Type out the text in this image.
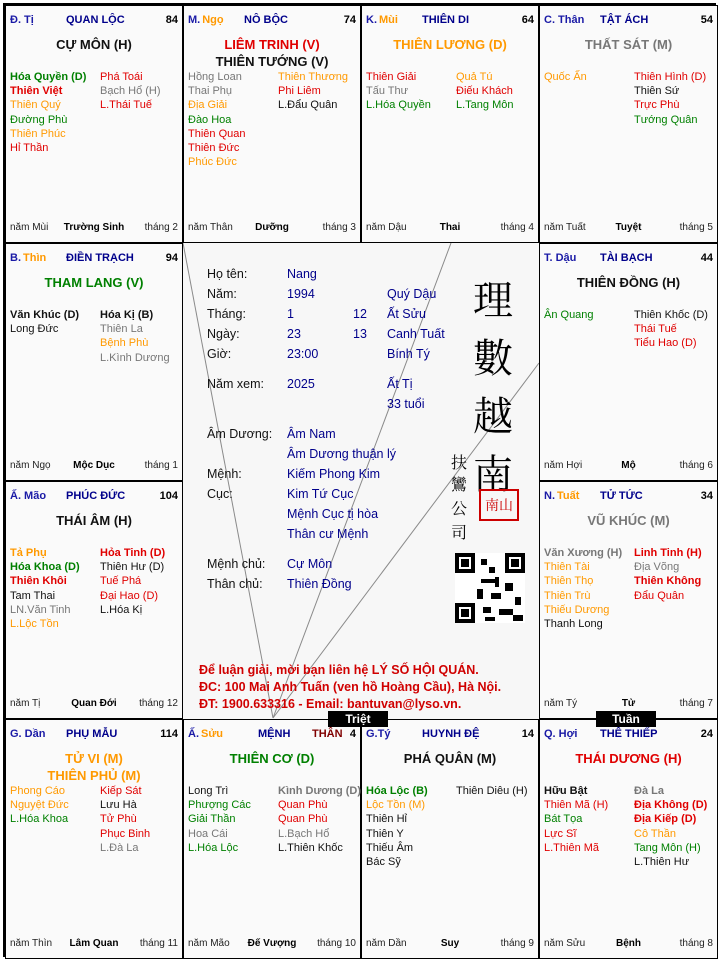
Họ tên:	Nang
Năm:	1994	Quý Dậu
Tháng:	1	12 Ất Sửu
Ngày:	23	13 Canh Tuất
Giờ:	23:00	Bính Tý
Năm xem: 2025	Ất Tị
33 tuổi
Âm Dương: Âm Nam
Âm Dương thuận lý
Mệnh:	Kiếm Phong Kim
Cục:	Kim Tứ Cục
Mệnh Cục tị hòa
Thân cư Mệnh
Mệnh chủ: Cự Môn
Thân chủ: Thiên Đồng
理
數
越
南
扶
鸞
公
司
南山
Để luận giải, mời bạn liên hệ LÝ SỐ HỘI QUÁN.
ĐC: 100 Mai Anh Tuấn (ven hồ Hoàng Cầu), Hà Nội.
ĐT: 1900.633316 - Email: bantuvan@lyso.vn.
Đ. Tị	QUAN LỘC	84
CỰ MÔN (H)
Hóa Quyền (D)
Thiên Việt
Thiên Quý
Đường Phù
Thiên Phúc
Hỉ Thần
Phá Toái
Bạch Hổ (H)
L.Thái Tuế
năm Mùi	Trường Sinh	tháng 2
M. Ngọ NÔ BỘC	74
LIÊM TRINH (V)
THIÊN TƯỚNG (V)
Hồng Loan
Thai Phụ
Địa Giải
Đào Hoa
Thiên Quan
Thiên Đức
Phúc Đức
Thiên Thương
Phi Liêm
L.Đẩu Quân
năm Thân	Dưỡng	tháng 3
K. Mùi THIÊN DI	64
THIÊN LƯƠNG (D)
Thiên Giải
Tấu Thư
L.Hóa Quyền
Quả Tú
Điếu Khách
L.Tang Môn
năm Dậu	Thai	tháng 4
C. Thân TẬT ÁCH	54
THẤT SÁT (M)
Quốc Ấn	Thiên Hình (D)
Thiên Sứ
Trực Phù
Tướng Quân
năm Tuất	Tuyệt	tháng 5
B. Thìn ĐIỀN TRẠCH	94
THAM LANG (V)
Văn Khúc (D)
Long Đức
Hóa Kị (B)
Thiên La
Bệnh Phù
L.Kình Dương
năm Ngọ	Mộc Dục	tháng 1
T. Dậu TÀI BẠCH	44
THIÊN ĐỒNG (H)
Ân Quang	Thiên Khốc (D)
Thái Tuế
Tiểu Hao (D)
năm Hợi	Mộ	tháng 6
Ấ. Mão PHÚC ĐỨC	104
THÁI ÂM (H)
Tả Phụ
Hóa Khoa (D)
Thiên Khôi
Tam Thai
LN.Văn Tinh
L.Lộc Tồn
Hỏa Tinh (D)
Thiên Hư (D)
Tuế Phá
Đại Hao (D)
L.Hóa Kị
năm Tị	Quan Đới	tháng 12
N. Tuất TỬ TỨC	34
VŨ KHÚC (M)
Văn Xương (H)
Thiên Tài
Thiên Thọ
Thiên Trù
Thiếu Dương
Thanh Long
Linh Tinh (H)
Địa Võng
Thiên Không
Đẩu Quân
năm Tý	Tử	tháng 7
G. Dần PHỤ MẪU	114
TỬ VI (M)
THIÊN PHỦ (M)
Phong Cáo
Nguyệt Đức
L.Hóa Khoa
Kiếp Sát
Lưu Hà
Tử Phù
Phục Binh
L.Đà La
năm Thìn	Lâm Quan	tháng 11
THÂN
Ấ. Sửu	MỆNH	4
THIÊN CƠ (D)
Long Trì
Phượng Các
Giải Thần
Hoa Cái
L.Hóa Lộc
Kình Dương (D)
Quan Phù
Quan Phù
L.Bạch Hổ
L.Thiên Khốc
năm Mão	Đế Vượng	tháng 10
G.Tý	HUYNH ĐỆ	14
PHÁ QUÂN (M)
Hóa Lộc (B)
Lộc Tồn (M)
Thiên Hỉ
Thiên Y
Thiếu Âm
Bác Sỹ
Thiên Diêu (H)
năm Dần	Suy	tháng 9
Q. Hợi THÊ THIẾP	24
THÁI DƯƠNG (H)
Hữu Bật
Thiên Mã (H)
Bát Tọa
Lực Sĩ
L.Thiên Mã
Đà La
Địa Không (D)
Địa Kiếp (D)
Cô Thần
Tang Môn (H)
L.Thiên Hư
năm Sửu	Bệnh	tháng 8
Triệt	Tuần
